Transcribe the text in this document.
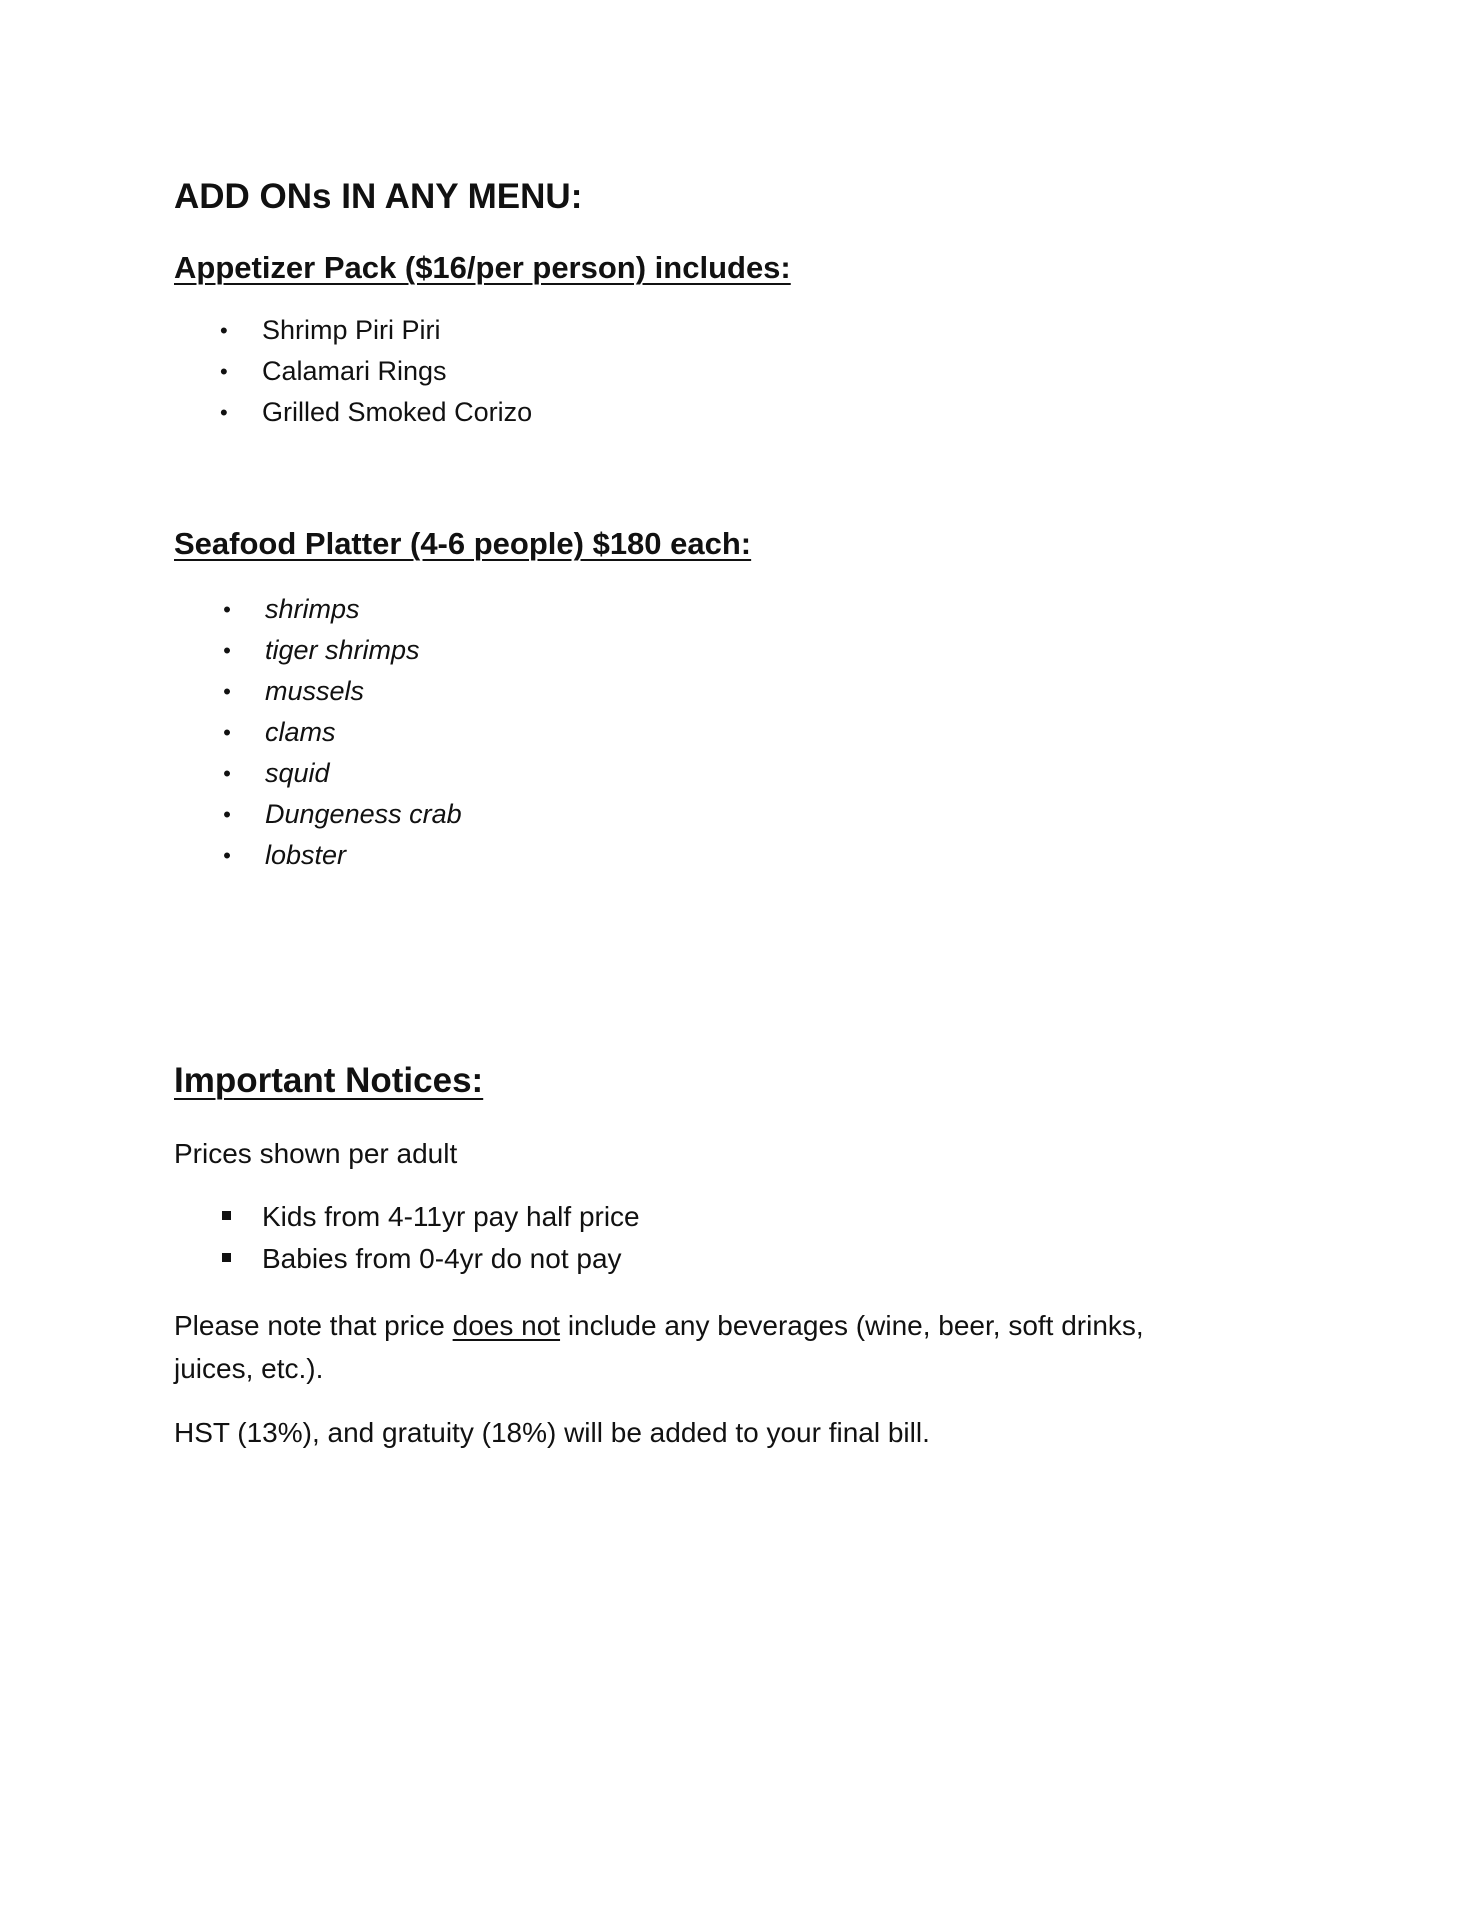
ADD ONs IN ANY MENU:
Appetizer Pack ($16/per person) includes:
• Shrimp Piri Piri
• Calamari Rings
• Grilled Smoked Corizo
Seafood Platter (4-6 people) $180 each:
• shrimps
• tiger shrimps
• mussels
• clams
• squid
• Dungeness crab
• lobster
Important Notices:

Prices shown per adult

Kids from 4-11yr pay half price
Babies from 0-4yr do not pay

Please note that price does not include any beverages (wine, beer, soft drinks,

juices, etc.).

HST (13%), and gratuity (18%) will be added to your final bill.
